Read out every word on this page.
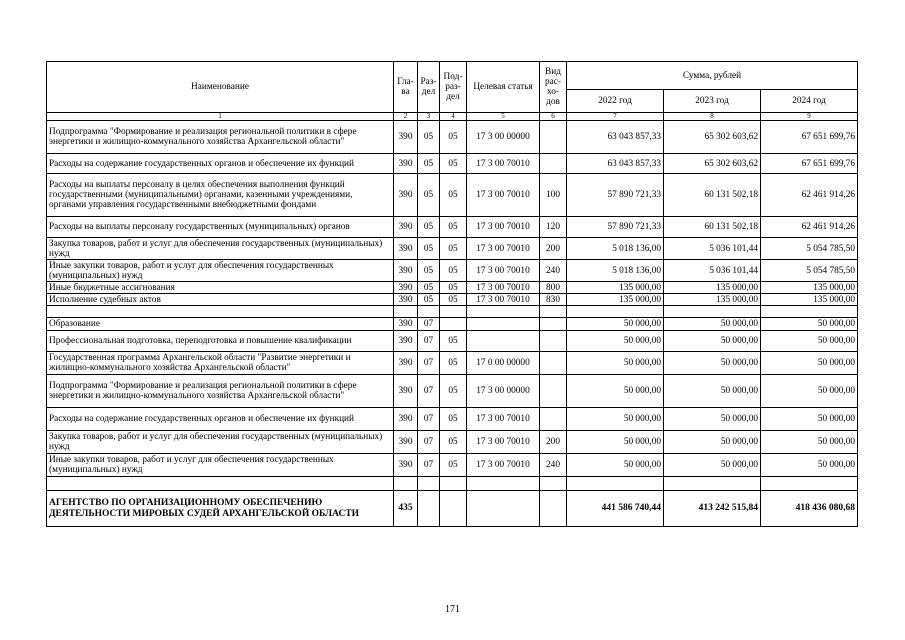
Наименование	Гла-ва	Раз-дел	Под-раз-дел	Целевая статья	Вид рас-хо-дов	Сумма, рублей		
						2022 год	2023 год	2024 год
1	2	3	4	5	6	7	8	9
Подпрограмма "Формирование и реализация региональной политики в сфере энергетики и жилищно-коммунального хозяйства Архангельской области"	390	05	05	17 3 00 00000		63 043 857,33	65 302 603,62	67 651 699,76
Расходы на содержание государственных органов и обеспечение их функций	390	05	05	17 3 00 70010		63 043 857,33	65 302 603,62	67 651 699,76
Расходы на выплаты персоналу в целях обеспечения выполнения функций государственными (муниципальными) органами, казенными учреждениями, органами управления государственными внебюджетными фондами	390	05	05	17 3 00 70010	100	57 890 721,33	60 131 502,18	62 461 914,26
Расходы на выплаты персоналу государственных (муниципальных) органов	390	05	05	17 3 00 70010	120	57 890 721,33	60 131 502,18	62 461 914,26
Закупка товаров, работ и услуг для обеспечения государственных (муниципальных) нужд	390	05	05	17 3 00 70010	200	5 018 136,00	5 036 101,44	5 054 785,50
Иные закупки товаров, работ и услуг для обеспечения государственных (муниципальных) нужд	390	05	05	17 3 00 70010	240	5 018 136,00	5 036 101,44	5 054 785,50
Иные бюджетные ассигнования	390	05	05	17 3 00 70010	800	135 000,00	135 000,00	135 000,00
Исполнение судебных актов	390	05	05	17 3 00 70010	830	135 000,00	135 000,00	135 000,00

Образование	390	07				50 000,00	50 000,00	50 000,00
Профессиональная подготовка, переподготовка и повышение квалификации	390	07	05			50 000,00	50 000,00	50 000,00
Государственная программа Архангельской области "Развитие энергетики и жилищно-коммунального хозяйства Архангельской области"	390	07	05	17 0 00 00000		50 000,00	50 000,00	50 000,00
Подпрограмма "Формирование и реализация региональной политики в сфере энергетики и жилищно-коммунального хозяйства Архангельской области"	390	07	05	17 3 00 00000		50 000,00	50 000,00	50 000,00
Расходы на содержание государственных органов и обеспечение их функций	390	07	05	17 3 00 70010		50 000,00	50 000,00	50 000,00
Закупка товаров, работ и услуг для обеспечения государственных (муниципальных) нужд	390	07	05	17 3 00 70010	200	50 000,00	50 000,00	50 000,00
Иные закупки товаров, работ и услуг для обеспечения государственных (муниципальных) нужд	390	07	05	17 3 00 70010	240	50 000,00	50 000,00	50 000,00

АГЕНТСТВО ПО ОРГАНИЗАЦИОННОМУ ОБЕСПЕЧЕНИЮ ДЕЯТЕЛЬНОСТИ МИРОВЫХ СУДЕЙ АРХАНГЕЛЬСКОЙ ОБЛАСТИ	435					441 586 740,44	413 242 515,84	418 436 080,68
171
